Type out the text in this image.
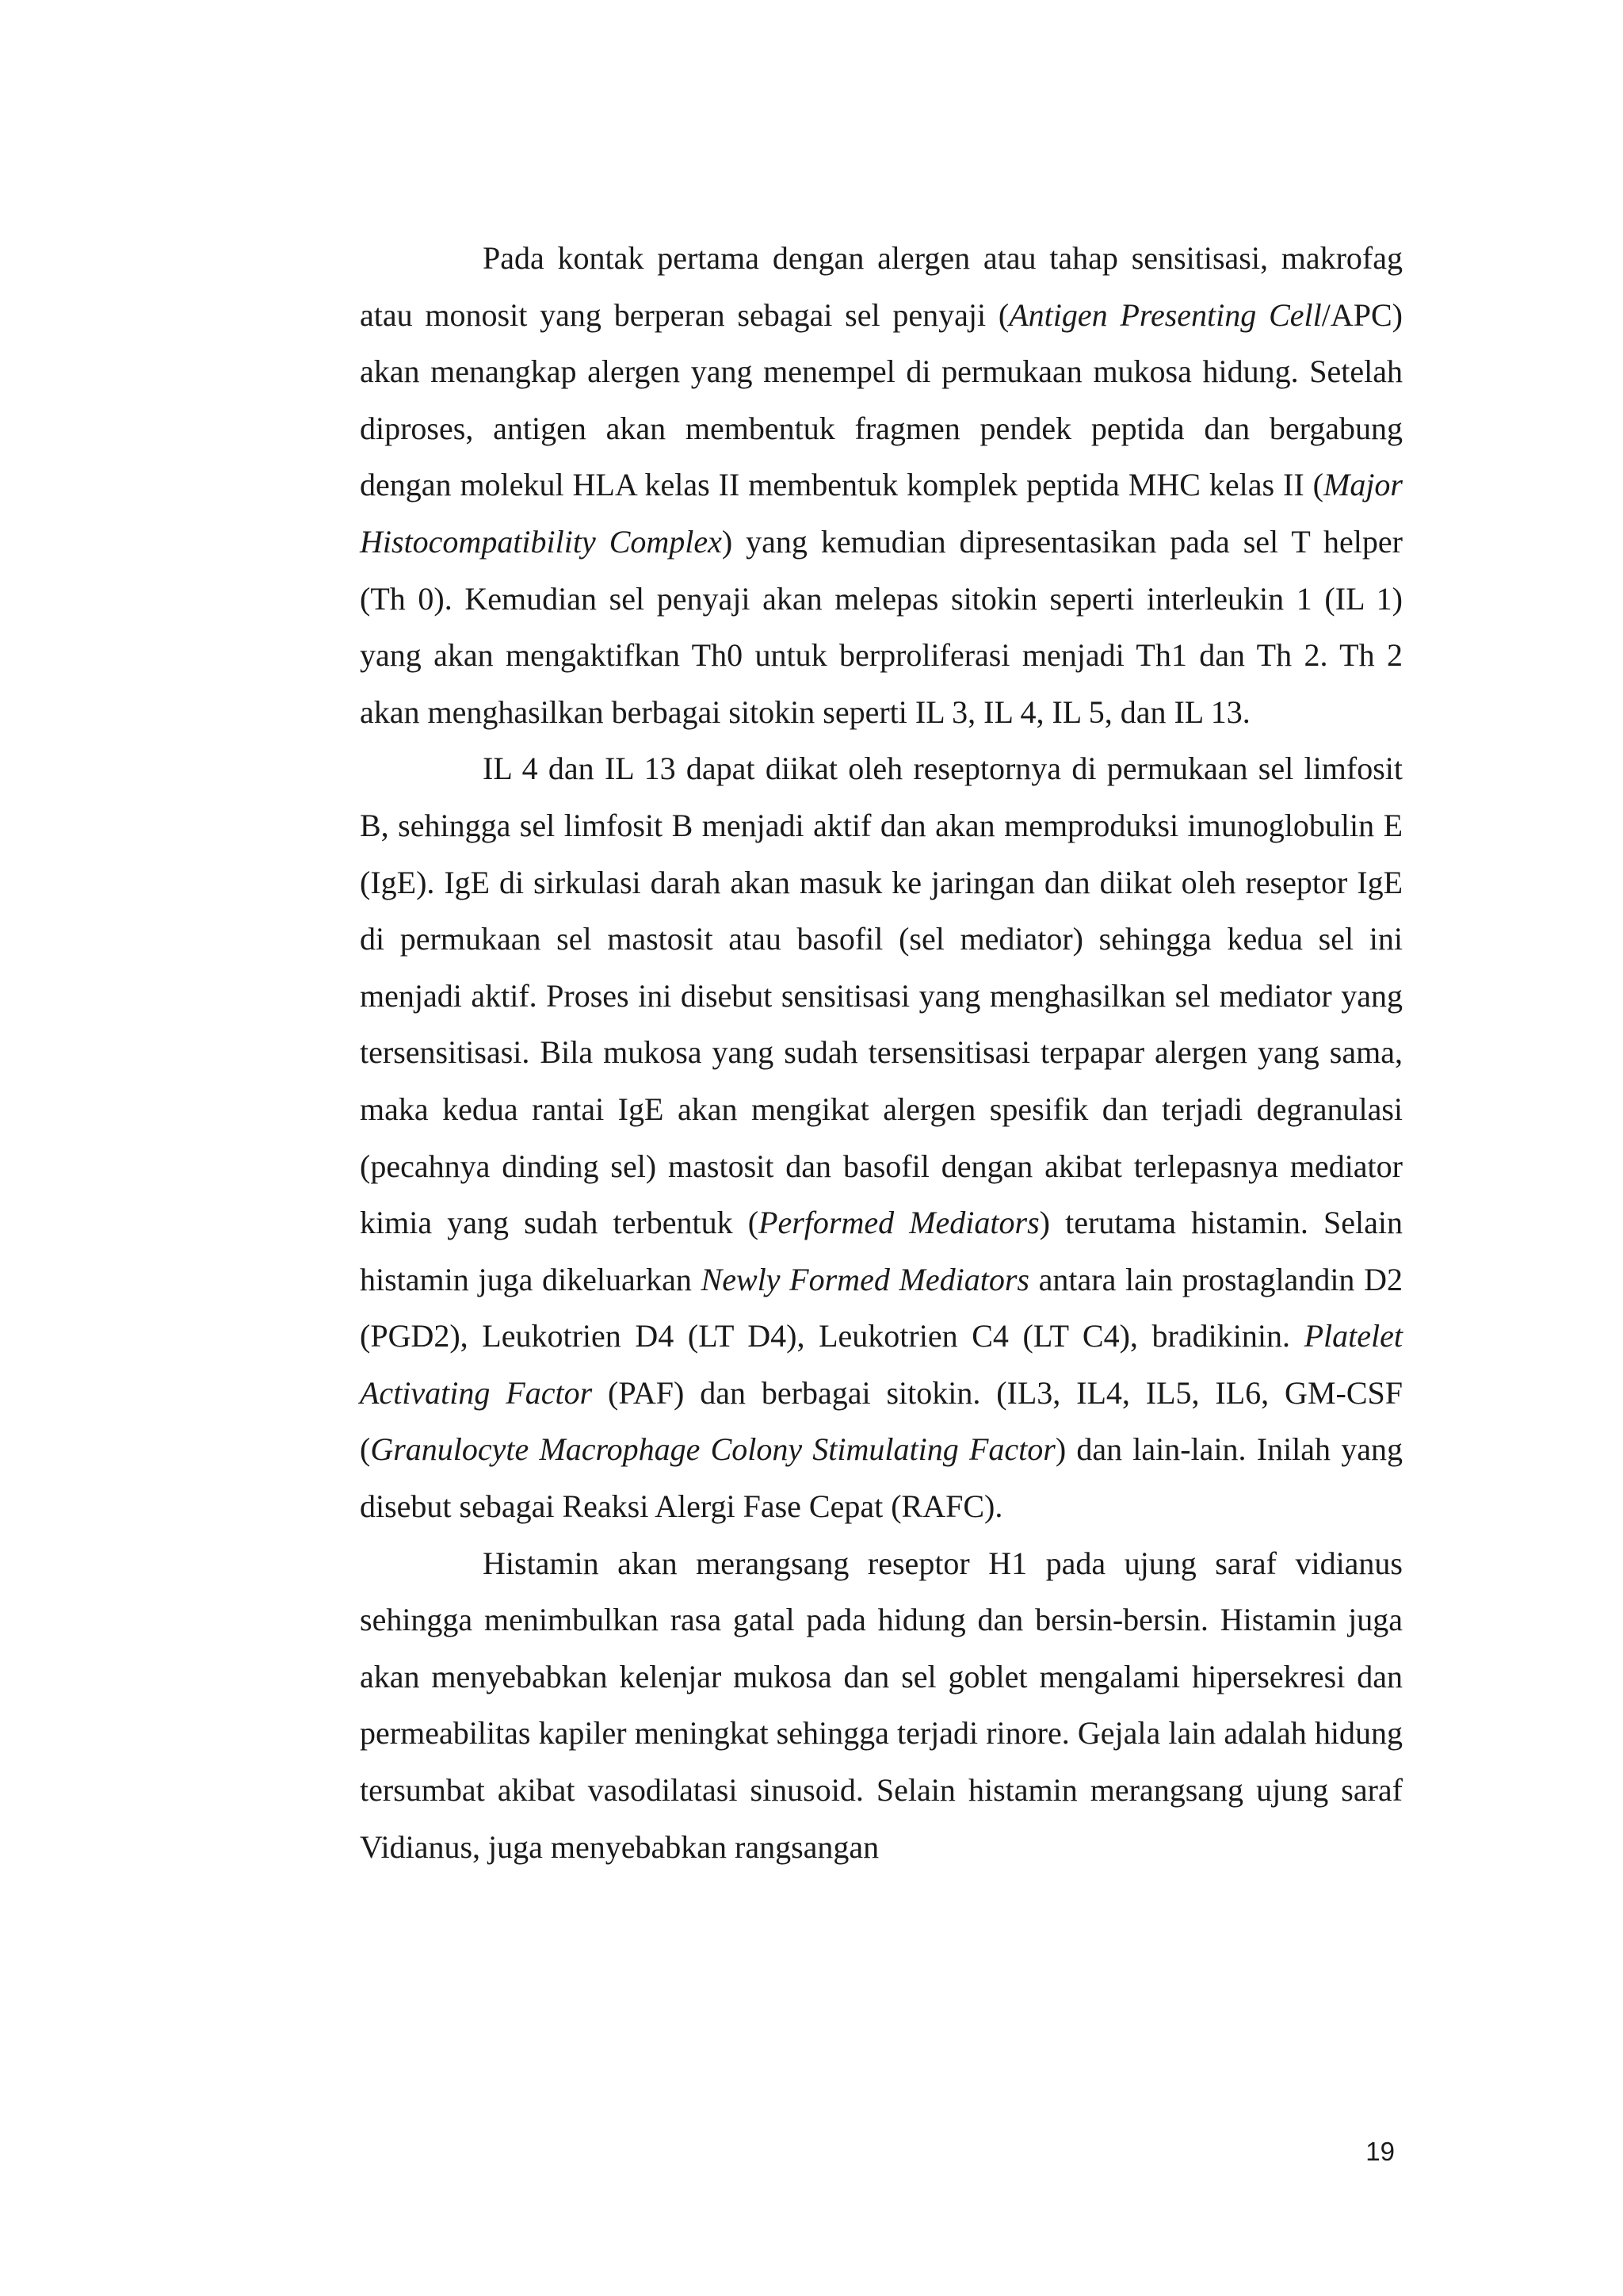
Pada kontak pertama dengan alergen atau tahap sensitisasi, makrofag atau monosit yang berperan sebagai sel penyaji (Antigen Presenting Cell/APC) akan menangkap alergen yang menempel di permukaan mukosa hidung. Setelah diproses, antigen akan membentuk fragmen pendek peptida dan bergabung dengan molekul HLA kelas II membentuk komplek peptida MHC kelas II (Major Histocompatibility Complex) yang kemudian dipresentasikan pada sel T helper (Th 0). Kemudian sel penyaji akan melepas sitokin seperti interleukin 1 (IL 1) yang akan mengaktifkan Th0 untuk berproliferasi menjadi Th1 dan Th 2. Th 2 akan menghasilkan berbagai sitokin seperti IL 3, IL 4, IL 5, dan IL 13.

IL 4 dan IL 13 dapat diikat oleh reseptornya di permukaan sel limfosit B, sehingga sel limfosit B menjadi aktif dan akan memproduksi imunoglobulin E (IgE). IgE di sirkulasi darah akan masuk ke jaringan dan diikat oleh reseptor IgE di permukaan sel mastosit atau basofil (sel mediator) sehingga kedua sel ini menjadi aktif. Proses ini disebut sensitisasi yang menghasilkan sel mediator yang tersensitisasi. Bila mukosa yang sudah tersensitisasi terpapar alergen yang sama, maka kedua rantai IgE akan mengikat alergen spesifik dan terjadi degranulasi (pecahnya dinding sel) mastosit dan basofil dengan akibat terlepasnya mediator kimia yang sudah terbentuk (Performed Mediators) terutama histamin. Selain histamin juga dikeluarkan Newly Formed Mediators antara lain prostaglandin D2 (PGD2), Leukotrien D4 (LT D4), Leukotrien C4 (LT C4), bradikinin. Platelet Activating Factor (PAF) dan berbagai sitokin. (IL3, IL4, IL5, IL6, GM-CSF (Granulocyte Macrophage Colony Stimulating Factor) dan lain-lain. Inilah yang disebut sebagai Reaksi Alergi Fase Cepat (RAFC).

Histamin akan merangsang reseptor H1 pada ujung saraf vidianus sehingga menimbulkan rasa gatal pada hidung dan bersin-bersin. Histamin juga akan menyebabkan kelenjar mukosa dan sel goblet mengalami hipersekresi dan permeabilitas kapiler meningkat sehingga terjadi rinore. Gejala lain adalah hidung tersumbat akibat vasodilatasi sinusoid. Selain histamin merangsang ujung saraf Vidianus, juga menyebabkan rangsangan

19
